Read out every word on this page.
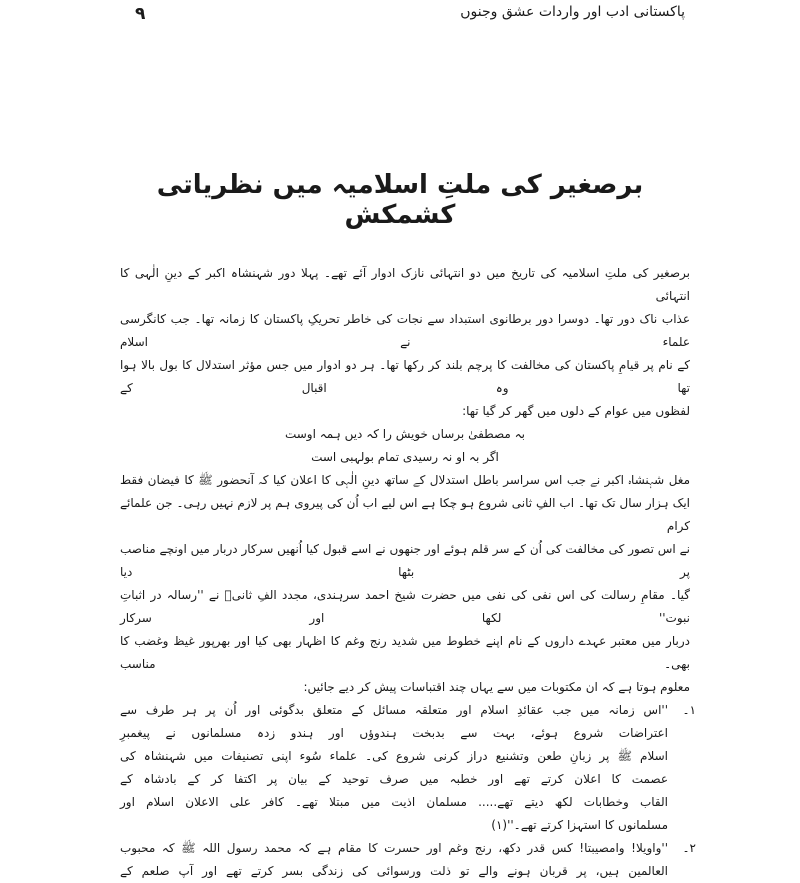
پاکستانی ادب اور واردات عشق وجنوں
۹
برصغیر کی ملتِ اسلامیہ میں نظریاتی کشمکش
برصغیر کی ملتِ اسلامیہ کی تاریخ میں دو انتہائی نازک ادوار آئے تھے۔ پہلا دور شہنشاہ اکبر کے دینِ الٰہی کا انتہائی
عذاب ناک دور تھا۔ دوسرا دور برطانوی استبداد سے نجات کی خاطر تحریکِ پاکستان کا زمانہ تھا۔ جب کانگرسی علماء نے اسلام
کے نام پر قیامِ پاکستان کی مخالفت کا پرچم بلند کر رکھا تھا۔ ہر دو ادوار میں جس مؤثر استدلال کا بول بالا ہوا تھا وہ اقبال کے
لفظوں میں عوام کے دلوں میں گھر کر گیا تھا:
بہ مصطفیٰ برساں خویش را کہ دیں ہمہ اوست
اگر بہ او نہ رسیدی تمام بولہبی است
مغل شہنشاہ اکبر نے جب اس سراسر باطل استدلال کے ساتھ دینِ الٰہی کا اعلان کیا کہ آنحضور ﷺ کا فیضان فقط
ایک ہزار سال تک تھا۔ اب الفِ ثانی شروع ہو چکا ہے اس لیے اب اُن کی پیروی ہم پر لازم نہیں رہی۔ جن علمائے کرام
نے اس تصور کی مخالفت کی اُن کے سر قلم ہوئے اور جنھوں نے اسے قبول کیا اُنھیں سرکار دربار میں اونچے مناصب پر بٹھا دیا
گیا۔ مقامِ رسالت کی اس نفی کی نفی میں حضرت شیخ احمد سرہندی، مجدد الفِ ثانیؒ نے ''رسالہ در اثباتِ نبوت'' لکھا اور سرکار
دربار میں معتبر عہدے داروں کے نام اپنے خطوط میں شدید رنج وغم کا اظہار بھی کیا اور بھرپور غیظ وغضب کا بھی۔ مناسب
معلوم ہوتا ہے کہ ان مکتوبات میں سے یہاں چند اقتباسات پیش کر دیے جائیں:
۱۔
''اس زمانہ میں جب عقائدِ اسلام اور متعلقہ مسائل کے متعلق بدگوئی اور اُن پر ہر طرف سے
اعتراضات شروع ہوئے، بہت سے بدبخت ہندوؤں اور ہندو زدہ مسلمانوں نے پیغمبرِ
اسلام ﷺ پر زبانِ طعن وتشنیع دراز کرنی شروع کی۔ علماء سُوء اپنی تصنیفات میں شہنشاہ کی
عصمت کا اعلان کرتے تھے اور خطبہ میں صرف توحید کے بیان پر اکتفا کر کے بادشاہ کے
القاب وخطابات لکھ دیتے تھے..... مسلمان اذیت میں مبتلا تھے۔ کافر علی الاعلان اسلام اور
مسلمانوں کا استہزا کرتے تھے۔''(۱)
۲۔
''واویلا! وامصیبتا! کس قدر دکھ، رنج وغم اور حسرت کا مقام ہے کہ محمد رسول اللہ ﷺ کہ محبوب
العالمین ہیں، پر قربان ہونے والے تو ذلت ورسوائی کی زندگی بسر کرتے تھے اور آپ صلعم کے
